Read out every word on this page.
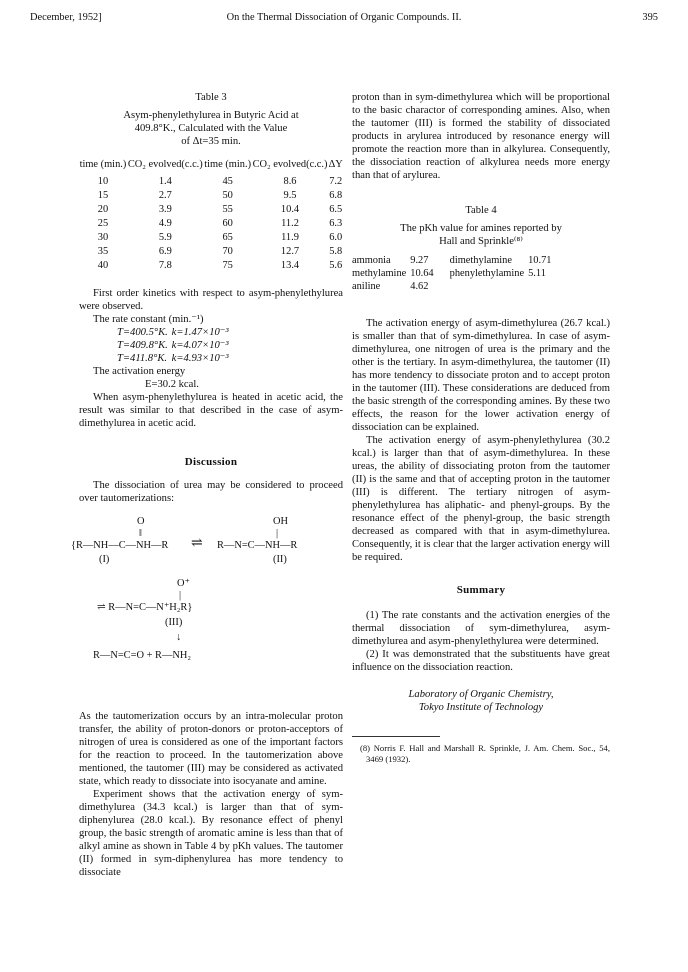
December, 1952]	On the Thermal Dissociation of Organic Compounds. II.	395
Table 3
Asym-phenylethylurea in Butyric Acid at
409.8°K., Calculated with the Value
of Δt=35 min.
time (min.)	CO₂ evolved(c.c.)	time (min.)	CO₂ evolved(c.c.)	ΔY
10	1.4	45	8.6	7.2
15	2.7	50	9.5	6.8
20	3.9	55	10.4	6.5
25	4.9	60	11.2	6.3
30	5.9	65	11.9	6.0
35	6.9	70	12.7	5.8
40	7.8	75	13.4	5.6

First order kinetics with respect to asym-phenylethylurea were observed.

The rate constant (min.⁻¹)
T=400.5°K. k=1.47×10⁻³
T=409.8°K. k=4.07×10⁻³
T=411.8°K. k=4.93×10⁻³
The activation energy
E=30.2 kcal.

When asym-phenylethylurea is heated in acetic acid, the result was similar to that described in the case of asym-dimethylurea in acetic acid.

Discussion

The dissociation of urea may be considered to proceed over tautomerizations:

O	OH
‖	|
{R—NH—C—NH—R ⇌ R—N=C—NH—R
(I)	(II)
O⁺
|
⇌ R—N=C—N⁺H₂R}
(III)
↓
R—N=C=O + R—NH₂

As the tautomerization occurs by an intra-molecular proton transfer, the ability of proton-donors or proton-acceptors of nitrogen of urea is considered as one of the important factors for the reaction to proceed. In the tautomerization above mentioned, the tautomer (III) may be considered as activated state, which ready to dissociate into isocyanate and amine.

Experiment shows that the activation energy of sym-dimethylurea (34.3 kcal.) is larger than that of sym-diphenylurea (28.0 kcal.). By resonance effect of phenyl group, the basic strength of aromatic amine is less than that of alkyl amine as shown in Table 4 by pKh values. The tautomer (II) formed in sym-diphenylurea has more tendency to dissociate

proton than in sym-dimethylurea which will be proportional to the basic charactor of corresponding amines. Also, when the tautomer (III) is formed the stability of dissociated products in arylurea introduced by resonance energy will promote the reaction more than in alkylurea. Consequently, the dissociation reaction of alkylurea needs more energy than that of arylurea.

Table 4
The pKh value for amines reported by
Hall and Sprinkle⁽⁸⁾
ammonia	9.27	dimethylamine	10.71
methylamine	10.64	phenylethylamine	5.11
aniline	4.62		

The activation energy of asym-dimethylurea (26.7 kcal.) is smaller than that of sym-dimethylurea. In case of asym-dimethylurea, one nitrogen of urea is the primary and the other is the tertiary. In asym-dimethylurea, the tautomer (II) has more tendency to dissociate proton and to accept proton in the tautomer (III). These considerations are deduced from the basic strength of the corresponding amines. By these two effects, the reason for the lower activation energy of dissociation can be explained.

The activation energy of asym-phenylethylurea (30.2 kcal.) is larger than that of asym-dimethylurea. In these ureas, the ability of dissociating proton from the tautomer (II) is the same and that of accepting proton in the tautomer (III) is different. The tertiary nitrogen of asym-phenylethylurea has aliphatic- and phenyl-groups. By the resonance effect of the phenyl-group, the basic strength decreased as compared with that in asym-dimethylurea. Consequently, it is clear that the larger activation energy will be required.

Summary

(1) The rate constants and the activation energies of the thermal dissociation of sym-dimethylurea, asym-dimethylurea and asym-phenylethylurea were determined.

(2) It was demonstrated that the substituents have great influence on the dissociation reaction.

Laboratory of Organic Chemistry,
Tokyo Institute of Technology

(8) Norris F. Hall and Marshall R. Sprinkle, J. Am. Chem. Soc., 54, 3469 (1932).
